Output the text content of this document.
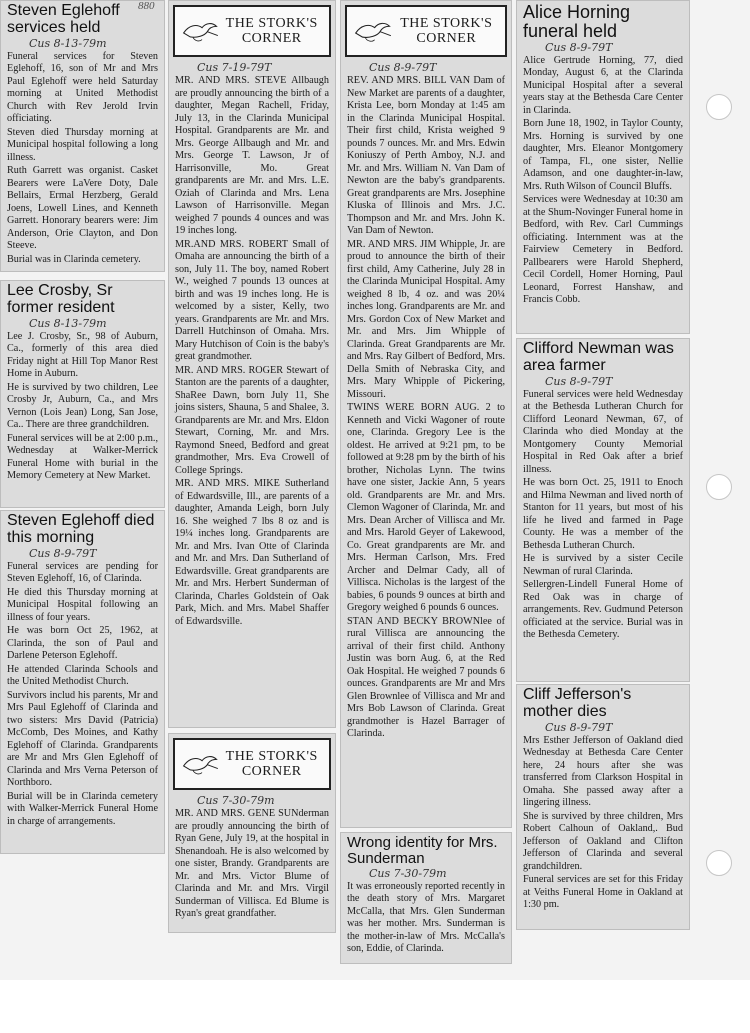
Steven Eglehoff services held
Cus 8-13-79m

Funeral services for Steven Eglehoff, 16, son of Mr and Mrs Paul Eglehoff were held Saturday morning at United Methodist Church with Rev Jerold Irvin officiating.

Steven died Thursday morning at Municipal hospital following a long illness.

Ruth Garrett was organist. Casket Bearers were LaVere Doty, Dale Bellairs, Ermal Herzberg, Gerald Joens, Lowell Lines, and Kenneth Garrett. Honorary bearers were: Jim Anderson, Orie Clayton, and Don Steeve.

Burial was in Clarinda cemetery.

880
Lee Crosby, Sr former resident
Cus 8-13-79m

Lee J. Crosby, Sr., 98 of Auburn, Ca., formerly of this area died Friday night at Hill Top Manor Rest Home in Auburn.

He is survived by two children, Lee Crosby Jr, Auburn, Ca., and Mrs Vernon (Lois Jean) Long, San Jose, Ca.. There are three grandchildren.

Funeral services will be at 2:00 p.m., Wednesday at Walker-Merrick Funeral Home with burial in the Memory Cemetery at New Market.

Steven Eglehoff died this morning
Cus 8-9-79T

Funeral services are pending for Steven Eglehoff, 16, of Clarinda.

He died this Thursday morning at Municipal Hospital following an illness of four years.

He was born Oct 25, 1962, at Clarinda, the son of Paul and Darlene Peterson Eglehoff.

He attended Clarinda Schools and the United Methodist Church.

Survivors includ his parents, Mr and Mrs Paul Eglehoff of Clarinda and two sisters: Mrs David (Patricia) McComb, Des Moines, and Kathy Eglehoff of Clarinda. Grandparents are Mr and Mrs Glen Eglehoff of Clarinda and Mrs Verna Peterson of Northboro.

Burial will be in Clarinda cemetery with Walker-Merrick Funeral Home in charge of arrangements.

THE STORK'S CORNER
Cus 7-19-79T

MR. AND MRS. STEVE Allbaugh are proudly announcing the birth of a daughter, Megan Rachell, Friday, July 13, in the Clarinda Municipal Hospital. Grandparents are Mr. and Mrs. George Allbaugh and Mr. and Mrs. George T. Lawson, Jr of Harrisonville, Mo. Great grandparents are Mr. and Mrs. L.E. Oziah of Clarinda and Mrs. Lena Lawson of Harrisonville. Megan weighed 7 pounds 4 ounces and was 19 inches long.

MR.AND MRS. ROBERT Small of Omaha are announcing the birth of a son, July 11. The boy, named Robert W., weighed 7 pounds 13 ounces at birth and was 19 inches long. He is welcomed by a sister, Kelly, two years. Grandparents are Mr. and Mrs. Darrell Hutchinson of Omaha. Mrs. Mary Hutchison of Coin is the baby's great grandmother.

MR. AND MRS. ROGER Stewart of Stanton are the parents of a daughter, ShaRee Dawn, born July 11, She joins sisters, Shauna, 5 and Shalee, 3. Grandparents are Mr. and Mrs. Eldon Stewart, Corning, Mr. and Mrs. Raymond Sneed, Bedford and great grandmother, Mrs. Eva Crowell of College Springs.

MR. AND MRS. MIKE Sutherland of Edwardsville, Ill., are parents of a daughter, Amanda Leigh, born July 16. She weighed 7 lbs 8 oz and is 19¼ inches long. Grandparents are Mr. and Mrs. Ivan Otte of Clarinda and Mr. and Mrs. Dan Sutherland of Edwardsville. Great grandparents are Mr. and Mrs. Herbert Sunderman of Clarinda, Charles Goldstein of Oak Park, Mich. and Mrs. Mabel Shaffer of Edwardsville.

THE STORK'S CORNER
Cus 7-30-79m

MR. AND MRS. GENE SUNderman are proudly announcing the birth of Ryan Gene, July 19, at the hospital in Shenandoah. He is also welcomed by one sister, Brandy. Grandparents are Mr. and Mrs. Victor Blume of Clarinda and Mr. and Mrs. Virgil Sunderman of Villisca. Ed Blume is Ryan's great grandfather.

THE STORK'S CORNER
Cus 8-9-79T

REV. AND MRS. BILL VAN Dam of New Market are parents of a daughter, Krista Lee, born Monday at 1:45 am in the Clarinda Municipal Hospital. Their first child, Krista weighed 9 pounds 7 ounces. Mr. and Mrs. Edwin Koniuszy of Perth Amboy, N.J. and Mr. and Mrs. William N. Van Dam of Newton are the baby's grandparents. Great grandparents are Mrs. Josephine Kluska of Illinois and Mrs. J.C. Thompson and Mr. and Mrs. John K. Van Dam of Newton.

MR. AND MRS. JIM Whipple, Jr. are proud to announce the birth of their first child, Amy Catherine, July 28 in the Clarinda Municipal Hospital. Amy weighed 8 lb, 4 oz. and was 20¼ inches long. Grandparents are Mr. and Mrs. Gordon Cox of New Market and Mr. and Mrs. Jim Whipple of Clarinda. Great Grandparents are Mr. and Mrs. Ray Gilbert of Bedford, Mrs. Della Smith of Nebraska City, and Mrs. Mary Whipple of Pickering, Missouri.

TWINS WERE BORN AUG. 2 to Kenneth and Vicki Wagoner of route one, Clarinda. Gregory Lee is the oldest. He arrived at 9:21 pm, to be followed at 9:28 pm by the birth of his brother, Nicholas Lynn. The twins have one sister, Jackie Ann, 5 years old. Grandparents are Mr. and Mrs. Clemon Wagoner of Clarinda, Mr. and Mrs. Dean Archer of Villisca and Mr. and Mrs. Harold Geyer of Lakewood, Co. Great grandparents are Mr. and Mrs. Herman Carlson, Mrs. Fred Archer and Delmar Cady, all of Villisca. Nicholas is the largest of the babies, 6 pounds 9 ounces at birth and Gregory weighed 6 pounds 6 ounces.

STAN AND BECKY BROWNlee of rural Villisca are announcing the arrival of their first child. Anthony Justin was born Aug. 6, at the Red Oak Hospital. He weighed 7 pounds 6 ounces. Grandparents are Mr and Mrs Glen Brownlee of Villisca and Mr and Mrs Bob Lawson of Clarinda. Great grandmother is Hazel Barrager of Clarinda.

Wrong identity for Mrs. Sunderman
Cus 7-30-79m

It was erroneously reported recently in the death story of Mrs. Margaret McCalla, that Mrs. Glen Sunderman was her mother. Mrs. Sunderman is the mother-in-law of Mrs. McCalla's son, Eddie, of Clarinda.

Alice Horning funeral held
Cus 8-9-79T

Alice Gertrude Horning, 77, died Monday, August 6, at the Clarinda Municipal Hospital after a several years stay at the Bethesda Care Center in Clarinda.

Born June 18, 1902, in Taylor County, Mrs. Horning is survived by one daughter, Mrs. Eleanor Montgomery of Tampa, Fl., one sister, Nellie Adamson, and one daughter-in-law, Mrs. Ruth Wilson of Council Bluffs.

Services were Wednesday at 10:30 am at the Shum-Novinger Funeral home in Bedford, with Rev. Carl Cummings officiating. Internment was at the Fairview Cemetery in Bedford. Pallbearers were Harold Shepherd, Cecil Cordell, Homer Horning, Paul Leonard, Forrest Hanshaw, and Francis Cobb.

Clifford Newman was area farmer
Cus 8-9-79T

Funeral services were held Wednesday at the Bethesda Lutheran Church for Clifford Leonard Newman, 67, of Clarinda who died Monday at the Montgomery County Memorial Hospital in Red Oak after a brief illness.

He was born Oct. 25, 1911 to Enoch and Hilma Newman and lived north of Stanton for 11 years, but most of his life he lived and farmed in Page County. He was a member of the Bethesda Lutheran Church.

He is survived by a sister Cecile Newman of rural Clarinda.

Sellergren-Lindell Funeral Home of Red Oak was in charge of arrangements. Rev. Gudmund Peterson officiated at the service. Burial was in the Bethesda Cemetery.

Cliff Jefferson's mother dies
Cus 8-9-79T

Mrs Esther Jefferson of Oakland died Wednesday at Bethesda Care Center here, 24 hours after she was transferred from Clarkson Hospital in Omaha. She passed away after a lingering illness.

She is survived by three children, Mrs Robert Calhoun of Oakland,. Bud Jefferson of Oakland and Clifton Jefferson of Clarinda and several grandchildren.

Funeral services are set for this Friday at Veiths Funeral Home in Oakland at 1:30 pm.
